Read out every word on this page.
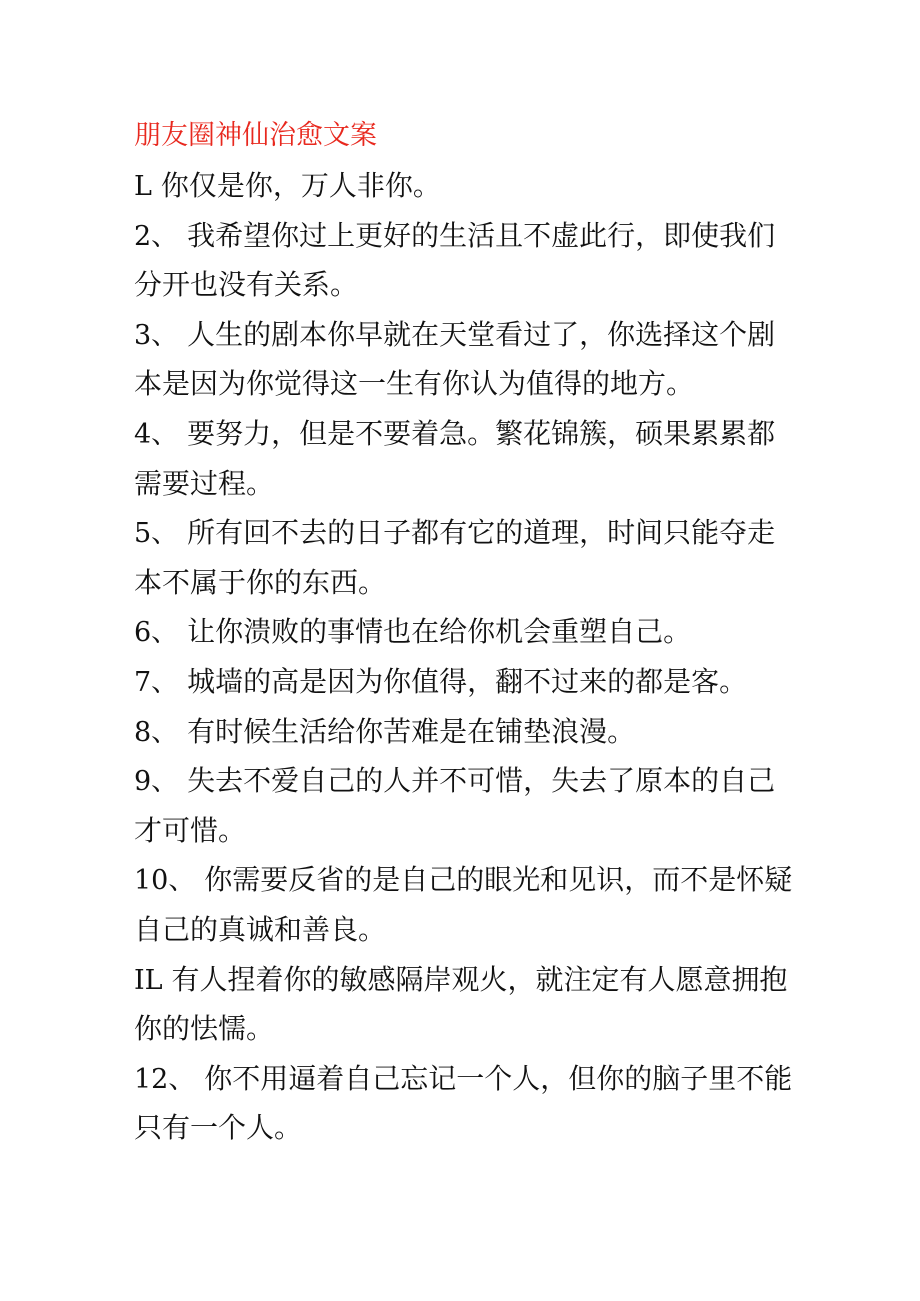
朋友圈神仙治愈文案

L 你仅是你，万人非你。

2、 我希望你过上更好的生活且不虚此行，即使我们

分开也没有关系。

3、 人生的剧本你早就在天堂看过了，你选择这个剧

本是因为你觉得这一生有你认为值得的地方。

4、 要努力，但是不要着急。繁花锦簇，硕果累累都

需要过程。

5、 所有回不去的日子都有它的道理，时间只能夺走

本不属于你的东西。

6、 让你溃败的事情也在给你机会重塑自己。

7、 城墙的高是因为你值得，翻不过来的都是客。

8、 有时候生活给你苦难是在铺垫浪漫。

9、 失去不爱自己的人并不可惜，失去了原本的自己

才可惜。

10、 你需要反省的是自己的眼光和见识，而不是怀疑

自己的真诚和善良。

IL 有人捏着你的敏感隔岸观火，就注定有人愿意拥抱

你的怯懦。

12、 你不用逼着自己忘记一个人，但你的脑子里不能

只有一个人。
